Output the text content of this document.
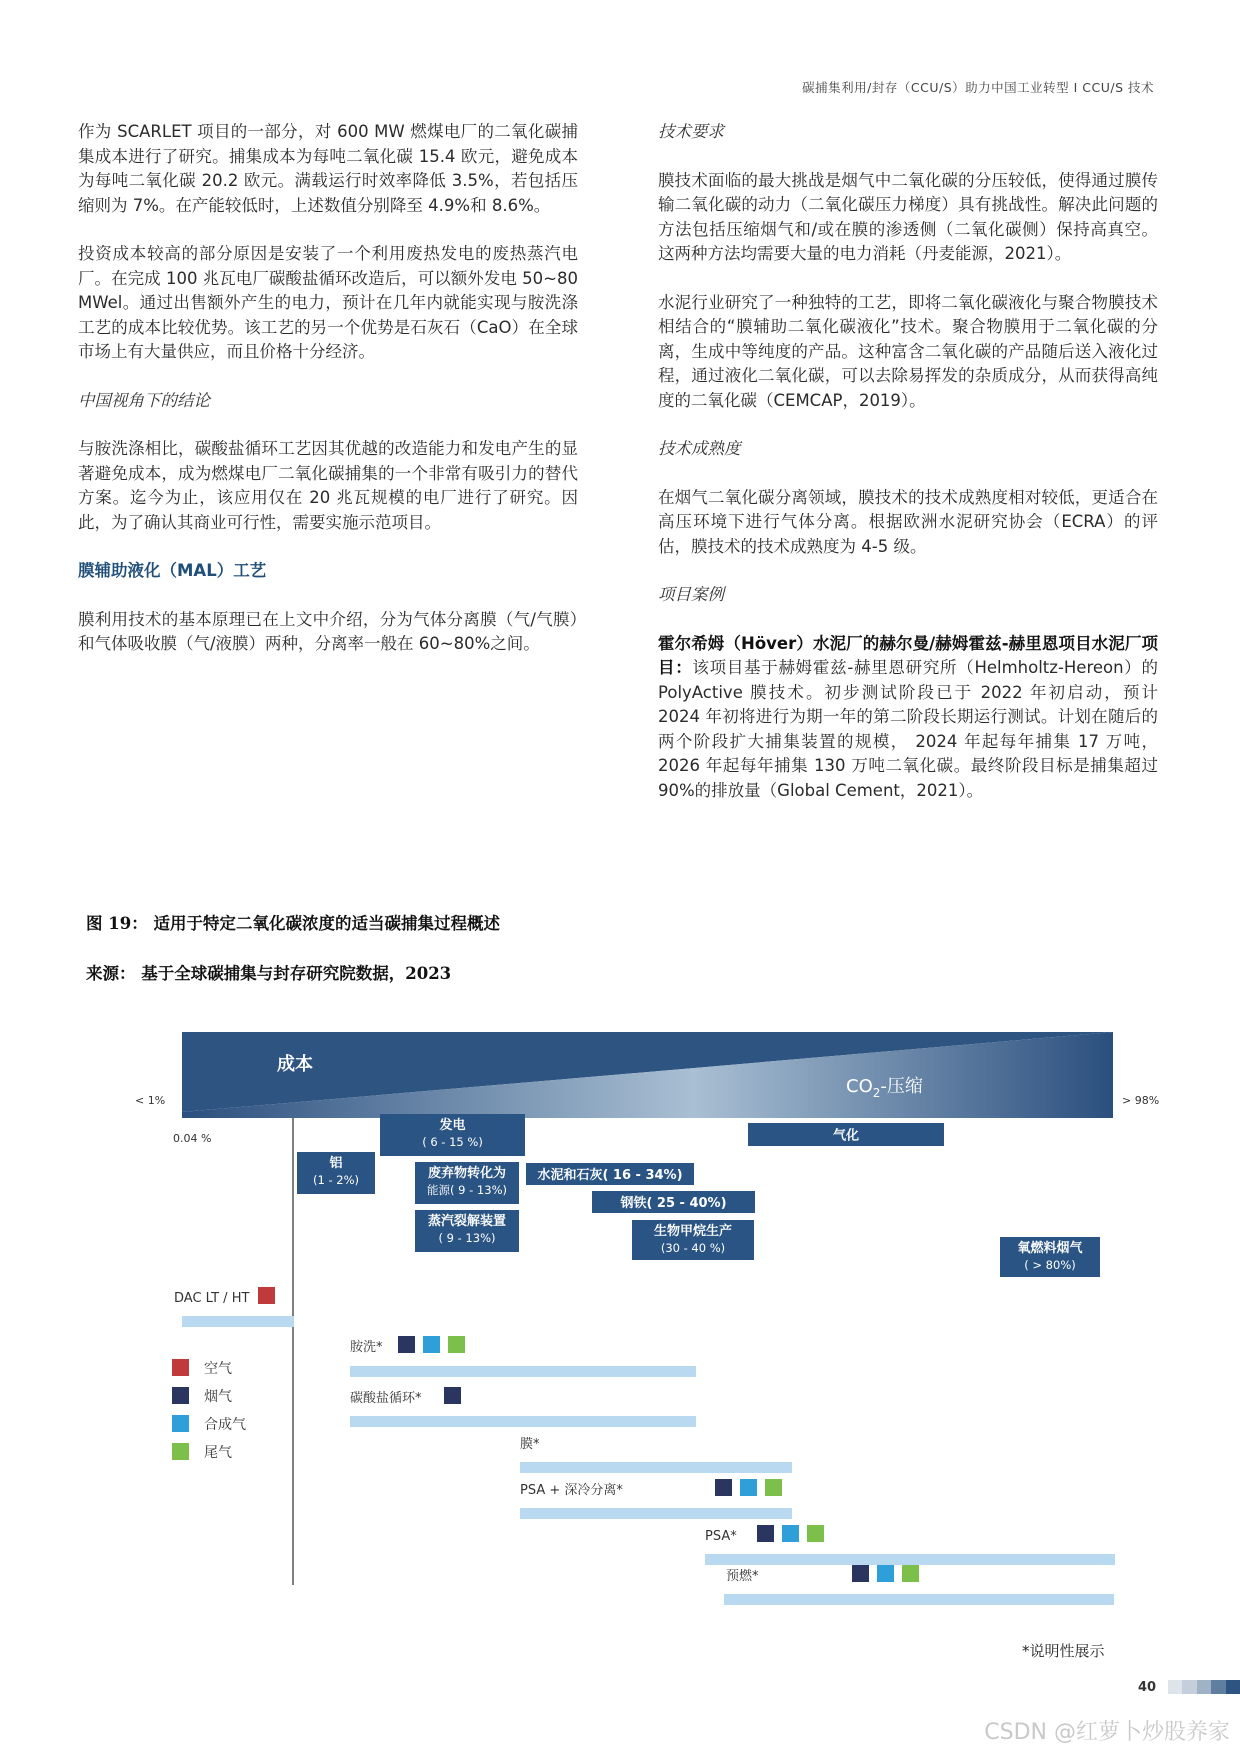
碳捕集利用/封存（CCU/S）助力中国工业转型 I CCU/S 技术

作为 SCARLET 项目的一部分，对 600 MW 燃煤电厂的二氧化碳捕集成本进行了研究。捕集成本为每吨二氧化碳 15.4 欧元，避免成本为每吨二氧化碳 20.2 欧元。满载运行时效率降低 3.5%，若包括压缩则为 7%。在产能较低时，上述数值分别降至 4.9%和 8.6%。

投资成本较高的部分原因是安装了一个利用废热发电的废热蒸汽电厂。在完成 100 兆瓦电厂碳酸盐循环改造后，可以额外发电 50~80 MWel。通过出售额外产生的电力，预计在几年内就能实现与胺洗涤工艺的成本比较优势。该工艺的另一个优势是石灰石（CaO）在全球市场上有大量供应，而且价格十分经济。

中国视角下的结论

与胺洗涤相比，碳酸盐循环工艺因其优越的改造能力和发电产生的显著避免成本，成为燃煤电厂二氧化碳捕集的一个非常有吸引力的替代方案。迄今为止，该应用仅在 20 兆瓦规模的电厂进行了研究。因此，为了确认其商业可行性，需要实施示范项目。

膜辅助液化（MAL）工艺

膜利用技术的基本原理已在上文中介绍，分为气体分离膜（气/气膜）和气体吸收膜（气/液膜）两种，分离率一般在 60~80%之间。

技术要求

膜技术面临的最大挑战是烟气中二氧化碳的分压较低，使得通过膜传输二氧化碳的动力（二氧化碳压力梯度）具有挑战性。解决此问题的方法包括压缩烟气和/或在膜的渗透侧（二氧化碳侧）保持高真空。这两种方法均需要大量的电力消耗（丹麦能源，2021）。

水泥行业研究了一种独特的工艺，即将二氧化碳液化与聚合物膜技术相结合的“膜辅助二氧化碳液化”技术。聚合物膜用于二氧化碳的分离，生成中等纯度的产品。这种富含二氧化碳的产品随后送入液化过程，通过液化二氧化碳，可以去除易挥发的杂质成分，从而获得高纯度的二氧化碳（CEMCAP，2019）。

技术成熟度

在烟气二氧化碳分离领域，膜技术的技术成熟度相对较低，更适合在高压环境下进行气体分离。根据欧洲水泥研究协会（ECRA）的评估，膜技术的技术成熟度为 4-5 级。

项目案例

霍尔希姆（Höver）水泥厂的赫尔曼/赫姆霍兹-赫里恩项目水泥厂项目：该项目基于赫姆霍兹-赫里恩研究所（Helmholtz-Hereon）的 PolyActive 膜技术。初步测试阶段已于 2022 年初启动，预计 2024 年初将进行为期一年的第二阶段长期运行测试。计划在随后的两个阶段扩大捕集装置的规模， 2024 年起每年捕集 17 万吨，2026 年起每年捕集 130 万吨二氧化碳。最终阶段目标是捕集超过 90%的排放量（Global Cement，2021）。

图 19： 适用于特定二氧化碳浓度的适当碳捕集过程概述
来源： 基于全球碳捕集与封存研究院数据，2023
成本
$CO_2-$压缩
< 1%	> 98%
0.04 %
铝
(1 - 2%)
发电
( 6 - 15 %)
废弃物转化为
能源( 9 - 13%)
蒸汽裂解装置
( 9 - 13%)
水泥和石灰( 16 - 34%)
钢铁( 25 - 40%)
生物甲烷生产
(30 - 40 %)
气化
氧燃料烟气
( > 80%)
DAC LT / HT
胺洗*
碳酸盐循环*
膜*
PSA + 深冷分离*
PSA*
预燃*
空气
烟气
合成气
尾气
*说明性展示
40
CSDN @红萝卜炒股养家
